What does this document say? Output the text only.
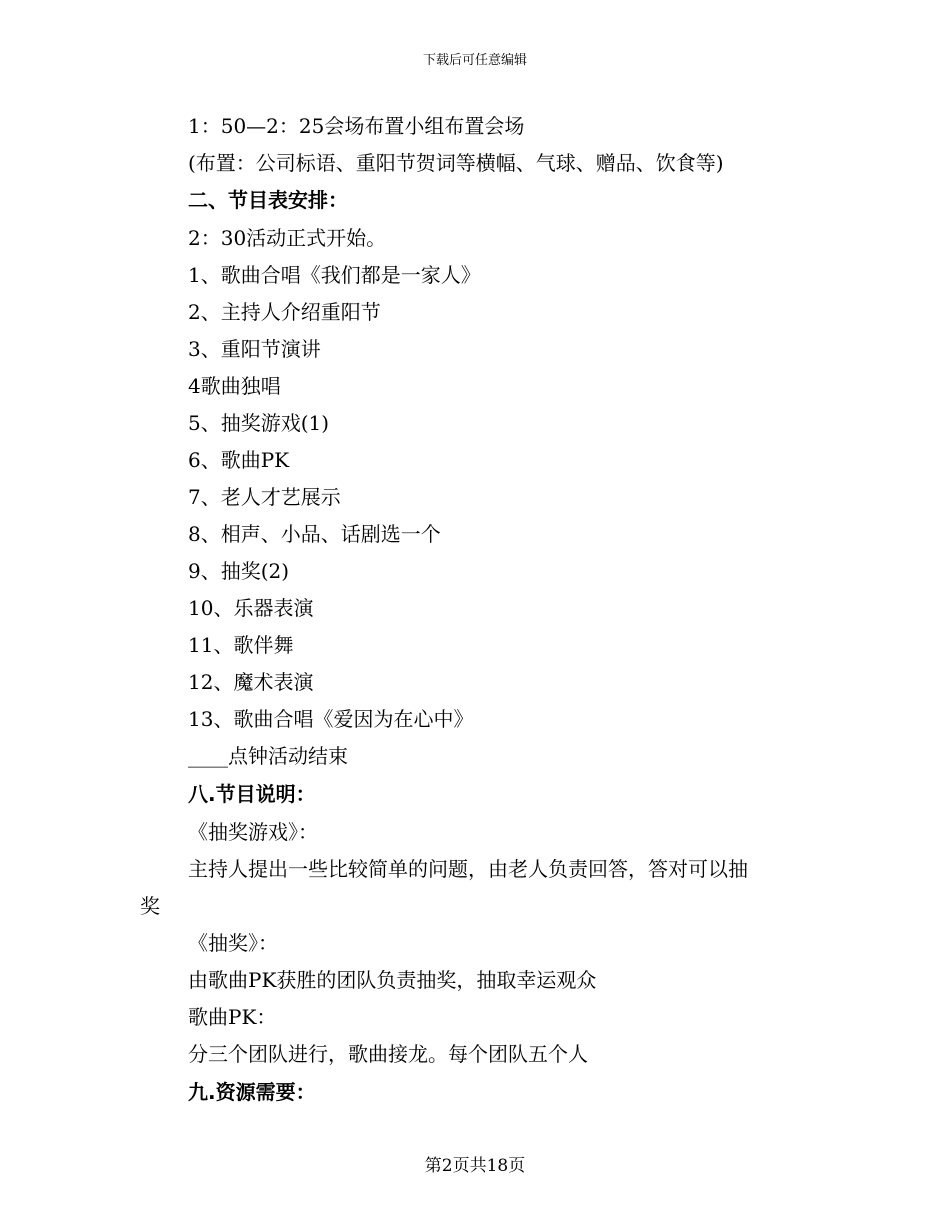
下载后可任意编辑
1：50—2：25会场布置小组布置会场
(布置：公司标语、重阳节贺词等横幅、气球、赠品、饮食等)
二、节目表安排：
2：30活动正式开始。
1、歌曲合唱《我们都是一家人》
2、主持人介绍重阳节
3、重阳节演讲
4歌曲独唱
5、抽奖游戏(1)
6、歌曲PK
7、老人才艺展示
8、相声、小品、话剧选一个
9、抽奖(2)
10、乐器表演
11、歌伴舞
12、魔术表演
13、歌曲合唱《爱因为在心中》
____点钟活动结束
八.节目说明：
《抽奖游戏》：
主持人提出一些比较简单的问题，由老人负责回答，答对可以抽
奖
《抽奖》：
由歌曲PK获胜的团队负责抽奖，抽取幸运观众
歌曲PK：
分三个团队进行，歌曲接龙。每个团队五个人
九.资源需要：
第2页共18页
